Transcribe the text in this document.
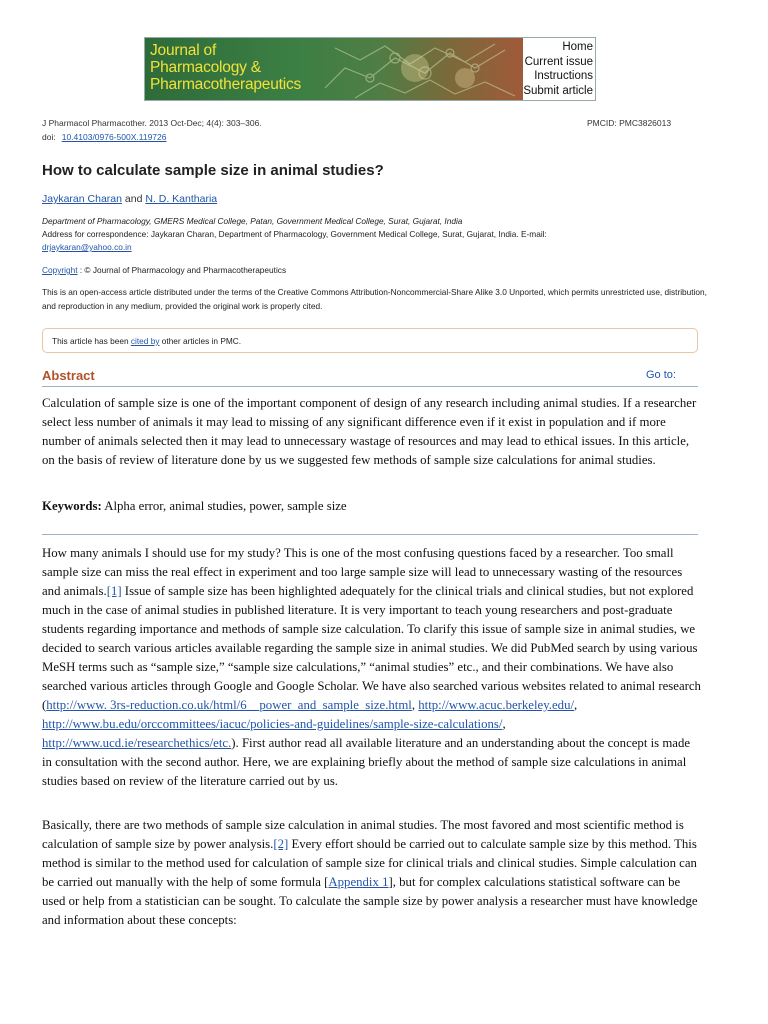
Journal of
Pharmacology &
Pharmacotherapeutics
Home
Current issue
Instructions
Submit article
J Pharmacol Pharmacother. 2013 Oct-Dec; 4(4): 303–306.	PMCID: PMC3826013
doi: 10.4103/0976-500X.119726
How to calculate sample size in animal studies?
Jaykaran Charan and N. D. Kantharia
Department of Pharmacology, GMERS Medical College, Patan, Government Medical College, Surat, Gujarat, India
Address for correspondence: Jaykaran Charan, Department of Pharmacology, Government Medical College, Surat, Gujarat, India. E-mail:
drjaykaran@yahoo.co.in
Copyright : © Journal of Pharmacology and Pharmacotherapeutics
This is an open-access article distributed under the terms of the Creative Commons Attribution-Noncommercial-Share Alike 3.0 Unported, which permits unrestricted use, distribution, and reproduction in any medium, provided the original work is properly cited.
This article has been cited by other articles in PMC.
Abstract	Go to:

Calculation of sample size is one of the important component of design of any research including animal studies. If a researcher select less number of animals it may lead to missing of any significant difference even if it exist in population and if more number of animals selected then it may lead to unnecessary wastage of resources and may lead to ethical issues. In this article, on the basis of review of literature done by us we suggested few methods of sample size calculations for animal studies.

Keywords: Alpha error, animal studies, power, sample size

How many animals I should use for my study? This is one of the most confusing questions faced by a researcher. Too small sample size can miss the real effect in experiment and too large sample size will lead to unnecessary wasting of the resources and animals.[1] Issue of sample size has been highlighted adequately for the clinical trials and clinical studies, but not explored much in the case of animal studies in published literature. It is very important to teach young researchers and post-graduate students regarding importance and methods of sample size calculation. To clarify this issue of sample size in animal studies, we decided to search various articles available regarding the sample size in animal studies. We did PubMed search by using various MeSH terms such as “sample size,” “sample size calculations,” “animal studies” etc., and their combinations. We have also searched various articles through Google and Google Scholar. We have also searched various websites related to animal research (http://www. 3rs-reduction.co.uk/html/6__power_and_sample_size.html, http://www.acuc.berkeley.edu/, http://www.bu.edu/orccommittees/iacuc/policies-and-guidelines/sample-size-calculations/, http://www.ucd.ie/researchethics/etc.). First author read all available literature and an understanding about the concept is made in consultation with the second author. Here, we are explaining briefly about the method of sample size calculations in animal studies based on review of the literature carried out by us.

Basically, there are two methods of sample size calculation in animal studies. The most favored and most scientific method is calculation of sample size by power analysis.[2] Every effort should be carried out to calculate sample size by this method. This method is similar to the method used for calculation of sample size for clinical trials and clinical studies. Simple calculation can be carried out manually with the help of some formula [Appendix 1], but for complex calculations statistical software can be used or help from a statistician can be sought. To calculate the sample size by power analysis a researcher must have knowledge and information about these concepts:
